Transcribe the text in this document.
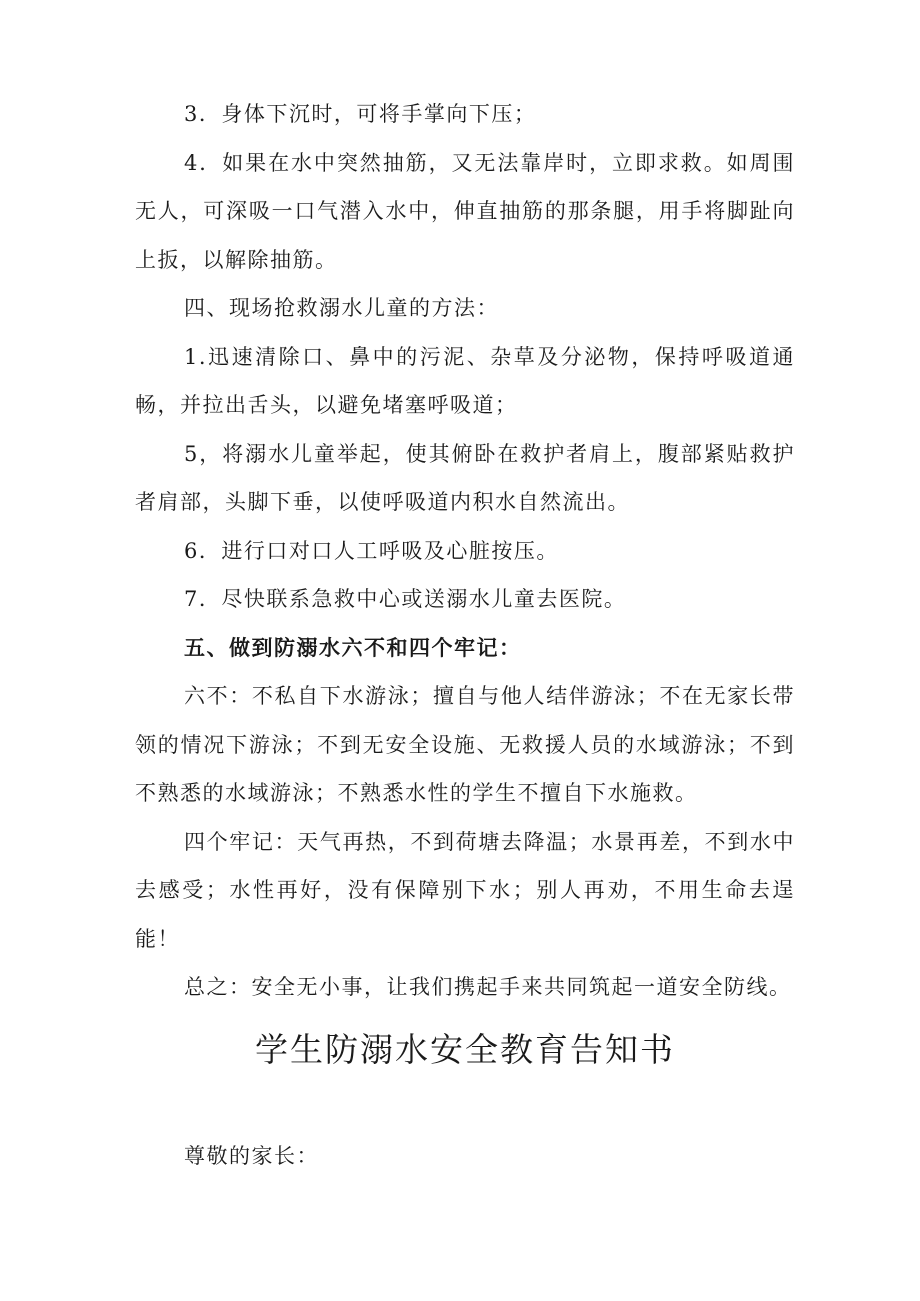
3．身体下沉时，可将手掌向下压；

4．如果在水中突然抽筋，又无法靠岸时，立即求救。如周围无人，可深吸一口气潜入水中，伸直抽筋的那条腿，用手将脚趾向上扳，以解除抽筋。

四、现场抢救溺水儿童的方法：

1.迅速清除口、鼻中的污泥、杂草及分泌物，保持呼吸道通畅，并拉出舌头，以避免堵塞呼吸道；

5，将溺水儿童举起，使其俯卧在救护者肩上，腹部紧贴救护者肩部，头脚下垂，以使呼吸道内积水自然流出。

6．进行口对口人工呼吸及心脏按压。

7．尽快联系急救中心或送溺水儿童去医院。

五、做到防溺水六不和四个牢记：

六不：不私自下水游泳；擅自与他人结伴游泳；不在无家长带领的情况下游泳；不到无安全设施、无救援人员的水域游泳；不到不熟悉的水域游泳；不熟悉水性的学生不擅自下水施救。

四个牢记：天气再热，不到荷塘去降温；水景再差，不到水中去感受；水性再好，没有保障别下水；别人再劝，不用生命去逞能！

总之：安全无小事，让我们携起手来共同筑起一道安全防线。

学生防溺水安全教育告知书

尊敬的家长：
